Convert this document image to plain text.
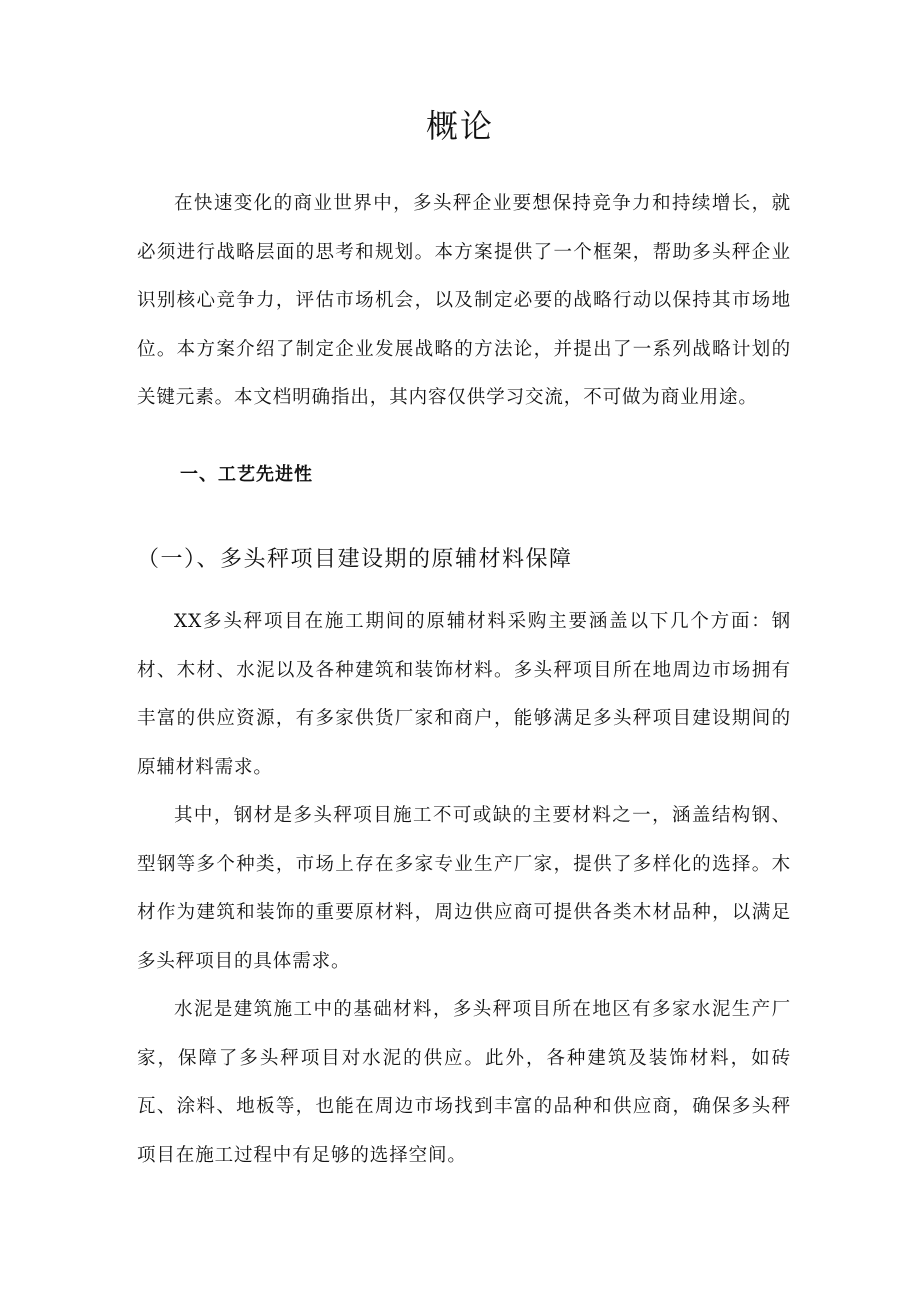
概论

在快速变化的商业世界中，多头秤企业要想保持竞争力和持续增长，就必须进行战略层面的思考和规划。本方案提供了一个框架，帮助多头秤企业识别核心竞争力，评估市场机会，以及制定必要的战略行动以保持其市场地位。本方案介绍了制定企业发展战略的方法论，并提出了一系列战略计划的关键元素。本文档明确指出，其内容仅供学习交流，不可做为商业用途。

一、工艺先进性
（一）、多头秤项目建设期的原辅材料保障

XX多头秤项目在施工期间的原辅材料采购主要涵盖以下几个方面：钢材、木材、水泥以及各种建筑和装饰材料。多头秤项目所在地周边市场拥有丰富的供应资源，有多家供货厂家和商户，能够满足多头秤项目建设期间的原辅材料需求。

其中，钢材是多头秤项目施工不可或缺的主要材料之一，涵盖结构钢、型钢等多个种类，市场上存在多家专业生产厂家，提供了多样化的选择。木材作为建筑和装饰的重要原材料，周边供应商可提供各类木材品种，以满足多头秤项目的具体需求。

水泥是建筑施工中的基础材料，多头秤项目所在地区有多家水泥生产厂家，保障了多头秤项目对水泥的供应。此外，各种建筑及装饰材料，如砖瓦、涂料、地板等，也能在周边市场找到丰富的品种和供应商，确保多头秤项目在施工过程中有足够的选择空间。
